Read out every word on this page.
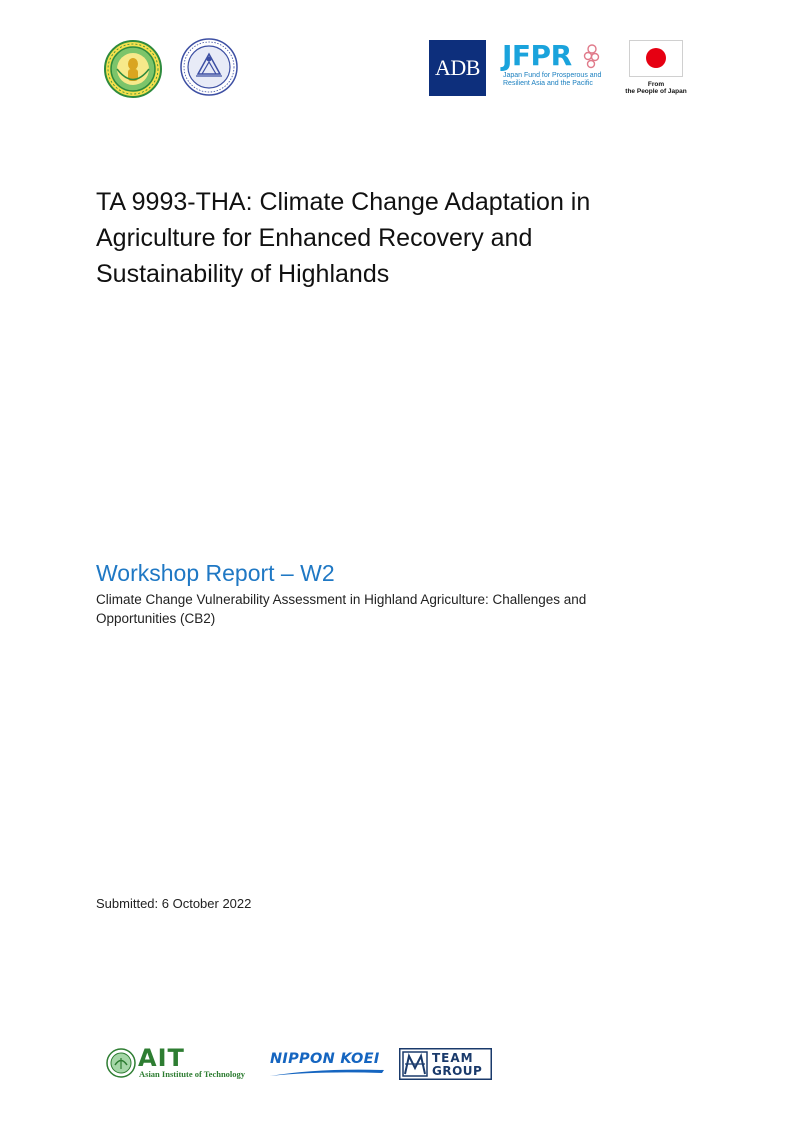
ADB JFPR
Japan Fund for Prosperous and
Resilient Asia and the Pacific	From
the People of Japan
TA 9993-THA: Climate Change Adaptation in Agriculture for Enhanced Recovery and Sustainability of Highlands
Workshop Report – W2

Climate Change Vulnerability Assessment in Highland Agriculture: Challenges and Opportunities (CB2)

Submitted: 6 October 2022
AIT
Asian Institute of Technology
NIPPON KOEI	TEAM
GROUP
